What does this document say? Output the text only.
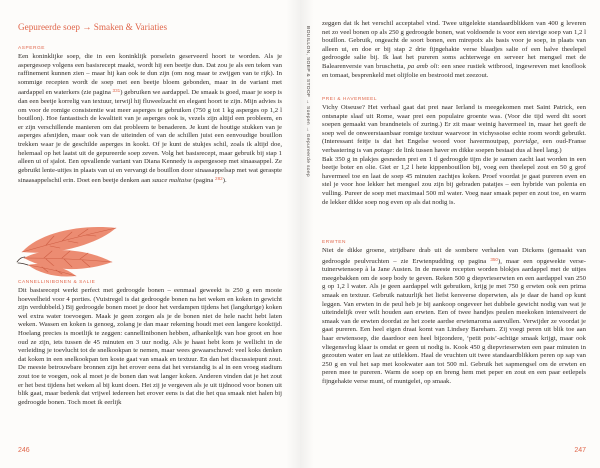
Gepureerde soep → Smaken & Variaties
ASPERGE

Een koninklijke soep, die in een koninklijk porselein geserveerd hoort te worden. Als je aspergesoep volgens een basisrecept maakt, wordt hij een beetje dun. Dat zou je als een teken van raffinement kunnen zien – maar hij kan ook te dun zijn (om nog maar te zwijgen van te rijk). In sommige recepten wordt de soep met een beetje bloem gebonden, maar in de variant met aardappel en waterkers (zie pagina $^{331}$) gebruiken we aardappel. De smaak is goed, maar je soep is dan een beetje korrelig van textuur, terwijl hij fluweelzacht en elegant hoort te zijn. Mijn advies is om voor de romige consistentie wat meer asperges te gebruiken (750 g tot 1 kg asperges op 1,2 l bouillon). Hoe fantastisch de kwaliteit van je asperges ook is, vezels zijn altijd een probleem, en er zijn verschillende manieren om dat probleem te benaderen. Je kunt de houtige stukken van je asperges afsnijden, maar ook van de uiteinden of van de schillen juist een eenvoudige bouillon trekken waar je de geschilde asperges in kookt. Of je kunt de stukjes schil, zoals ik altijd doe, helemaal op het laatst uit de gepureerde soep zeven. Volg het basisrecept, maar gebruik bij stap 1 alleen ui of sjalot. Een opvallende variant van Diana Kennedy is aspergesoep met sinaasappel. Ze gebruikt lente-uitjes in plaats van ui en vervangt de bouillon door sinaasappelsap met wat geraspte sinaasappelschil erin. Doet een beetje denken aan sauce maltaise (pagina $^{282}$).

CANNELLINIBONEN & SALIE

Dit basisrecept werkt perfect met gedroogde bonen – eenmaal geweekt is 250 g een mooie hoeveelheid voor 4 porties. (Vuistregel is dat gedroogde bonen na het weken en koken in gewicht zijn verdubbeld.) Bij gedroogde bonen moet je door het verdampen tijdens het (langdurige) koken wel extra water toevoegen. Maak je geen zorgen als je de bonen niet de hele nacht hebt laten weken. Wassen en koken is genoeg, zolang je dan maar rekening houdt met een langere kooktijd. Hoelang precies is moeilijk te zeggen: cannellinibonen hebben, afhankelijk van hoe groot en hoe oud ze zijn, iets tussen de 45 minuten en 3 uur nodig. Als je haast hebt kom je wellicht in de verleiding je toevlucht tot de snelkookpan te nemen, maar wees gewaarschuwd: veel koks denken dat koken in een snelkookpan ten koste gaat van smaak en textuur. En dan het discussiepunt zout. De meeste betrouwbare bronnen zijn het erover eens dat het verstandig is al in een vroeg stadium zout toe te voegen, ook al moet je de bonen dan wat langer koken. Anderen vinden dat je het zout er het best tijdens het weken al bij kunt doen. Het zij je vergeven als je uit tijdnood voor bonen uit blik gaat, maar bedenk dat vrijwel iedereen het erover eens is dat die het qua smaak niet halen bij gedroogde bonen. Toch moet ik eerlijk

246
BOUILLON, SOEP & STOOF → Soepen → Gepureerde soep

zeggen dat ik het verschil acceptabel vind. Twee uitgelekte standaardblikken van 400 g leveren net zo veel bonen op als 250 g gedroogde bonen, wat voldoende is voor een stevige soep van 1,2 l bouillon. Gebruik, ongeacht de soort bonen, een mirepoix als basis voor je soep, in plaats van alleen ui, en doe er bij stap 2 drie fijngehakte verse blaadjes salie of een halve theelepel gedroogde salie bij. Ik laat het pureren soms achterwege en serveer het mengsel met de Balearenversie van bruschetta, pa amb oli: een snee rustiek witbrood, ingewreven met knoflook en tomaat, besprenkeld met olijfolie en bestrooid met zeezout.

PREI & HAVERMEEL

Vichy Oiseuse? Het verhaal gaat dat prei naar Ierland is meegekomen met Saint Patrick, een ontsnapte slaaf uit Rome, waar prei een populaire groente was. (Voor die tijd werd dit soort soepen gemaakt van brandnetels of zuring.) Er zit maar weinig havermeel in, maar het geeft de soep wel de onweerstaanbaar romige textuur waarvoor in vichyssoise echte room wordt gebruikt. (Interessant feitje is dat het Engelse woord voor havermoutpap, porridge, een oud-Franse verbastering is van potage: de link tussen haver en dikke soepen bestaat dus al heel lang.)

Bak 350 g in plakjes gesneden prei en 1 tl gedroogde tijm die je samen zacht laat worden in een beetje boter en olie. Giet er 1,2 l hete kippenbouillon bij, voeg een theelepel zout en 50 g grof havermeel toe en laat de soep 45 minuten zachtjes koken. Proef voordat je gaat pureren even en stel je voor hoe lekker het mengsel zou zijn bij gebraden patatjes – een hybride van polenta en vulling. Pureer de soep met maximaal 500 ml water. Voeg naar smaak peper en zout toe, en warm de lekker dikke soep nog even op als dat nodig is.

ERWTEN

Niet de dikke groene, strijdbare drab uit de sombere verhalen van Dickens (gemaakt van gedroogde peulvruchten – zie Erwtenpudding op pagina $^{350}$), maar een opgewekte verse-tuinerwtensoep à la Jane Austen. In de meeste recepten worden blokjes aardappel met de uitjes meegebakken om de soep body te geven. Reken 500 g diepvrieserwten en een aardappel van 250 g op 1,2 l water. Als je geen aardappel wilt gebruiken, krijg je met 750 g erwten ook een prima smaak en textuur. Gebruik natuurlijk het liefst kersverse doperwten, als je daar de hand op kunt leggen. Van erwten in de peul heb je bij aankoop ongeveer het dubbele gewicht nodig van wat je uiteindelijk over wilt houden aan erwten. Een of twee handjes peulen meekoken intensiveert de smaak van de erwten doordat ze het zoete aardse erwtenaroma aanvullen. Verwijder ze voordat je gaat pureren. Een heel eigen draai komt van Lindsey Bareham. Zij voegt peren uit blik toe aan haar erwtensoep, die daardoor een heel bijzondere, ‘petit pois’-achtige smaak krijgt, maar ook vliegensvlug klaar is omdat er geen ui nodig is. Kook 450 g diepvrieserwten een paar minuten in gezouten water en laat ze uitlekken. Haal de vruchten uit twee standaardblikken peren op sap van 250 g en vul het sap met kookwater aan tot 500 ml. Gebruik het sapmengsel om de erwten en peren mee te pureren. Warm de soep op en breng hem met peper en zout en een paar eetlepels fijngehakte verse munt, of muntgelei, op smaak.

247
